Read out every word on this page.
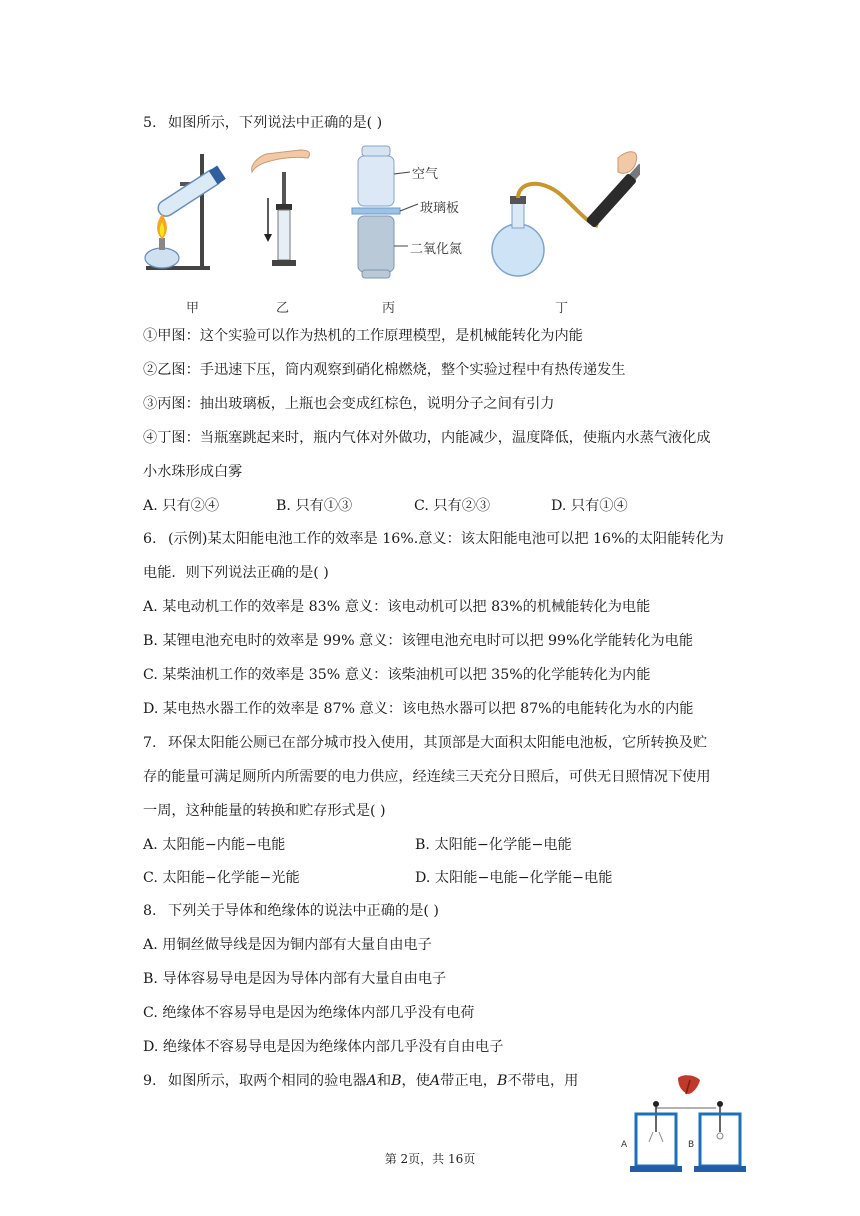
5. 如图所示，下列说法中正确的是( )
甲	乙	丙	丁
空气
玻璃板
二氧化氮
①甲图：这个实验可以作为热机的工作原理模型，是机械能转化为内能
②乙图：手迅速下压，筒内观察到硝化棉燃烧，整个实验过程中有热传递发生
③丙图：抽出玻璃板，上瓶也会变成红棕色，说明分子之间有引力
④丁图：当瓶塞跳起来时，瓶内气体对外做功，内能减少，温度降低，使瓶内水蒸气液化成
小水珠形成白雾
A. 只有②④	B. 只有①③	C. 只有②③	D. 只有①④
6. (示例)某太阳能电池工作的效率是 16%.意义：该太阳能电池可以把 16%的太阳能转化为
电能．则下列说法正确的是( )
A. 某电动机工作的效率是 83% 意义：该电动机可以把 83%的机械能转化为电能
B. 某锂电池充电时的效率是 99% 意义：该锂电池充电时可以把 99%化学能转化为电能
C. 某柴油机工作的效率是 35% 意义：该柴油机可以把 35%的化学能转化为内能
D. 某电热水器工作的效率是 87% 意义：该电热水器可以把 87%的电能转化为水的内能
7. 环保太阳能公厕已在部分城市投入使用，其顶部是大面积太阳能电池板，它所转换及贮
存的能量可满足厕所内所需要的电力供应，经连续三天充分日照后，可供无日照情况下使用
一周，这种能量的转换和贮存形式是( )
A. 太阳能−内能−电能	B. 太阳能−化学能−电能
C. 太阳能−化学能−光能	D. 太阳能−电能−化学能−电能
8. 下列关于导体和绝缘体的说法中正确的是( )
A. 用铜丝做导线是因为铜内部有大量自由电子
B. 导体容易导电是因为导体内部有大量自由电子
C. 绝缘体不容易导电是因为绝缘体内部几乎没有电荷
D. 绝缘体不容易导电是因为绝缘体内部几乎没有自由电子
9. 如图所示，取两个相同的验电器A和B，使A带正电，B不带电，用
A	B
第 2页，共 16页
